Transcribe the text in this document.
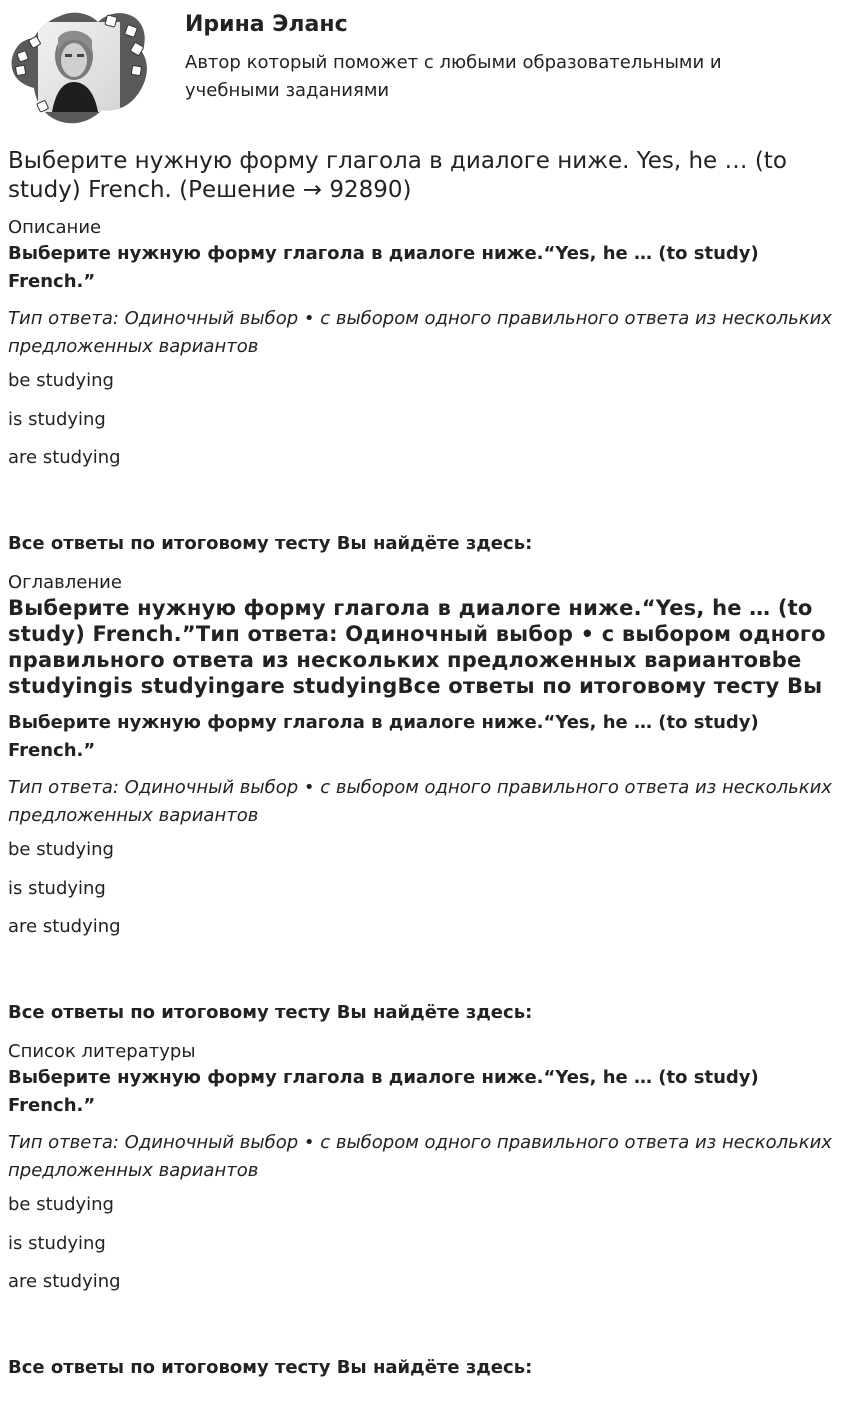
Ирина Эланс

Автор который поможет с любыми образовательными и учебными заданиями

Выберите нужную форму глагола в диалоге ниже. Yes, he … (to study) French. (Решение → 92890)

Описание

Выберите нужную форму глагола в диалоге ниже.“Yes, he … (to study) French.”

Тип ответа: Одиночный выбор • с выбором одного правильного ответа из нескольких предложенных вариантов

be studying
is studying
are studying

Все ответы по итоговому тесту Вы найдёте здесь:

Оглавление

Выберите нужную форму глагола в диалоге ниже.“Yes, he … (to study) French.”Тип ответа: Одиночный выбор • с выбором одного правильного ответа из нескольких предложенных вариантовbe studyingis studyingare studyingВсе ответы по итоговому тесту Вы

Выберите нужную форму глагола в диалоге ниже.“Yes, he … (to study) French.”

Тип ответа: Одиночный выбор • с выбором одного правильного ответа из нескольких предложенных вариантов

be studying
is studying
are studying

Все ответы по итоговому тесту Вы найдёте здесь:

Список литературы

Выберите нужную форму глагола в диалоге ниже.“Yes, he … (to study) French.”

Тип ответа: Одиночный выбор • с выбором одного правильного ответа из нескольких предложенных вариантов

be studying
is studying
are studying

Все ответы по итоговому тесту Вы найдёте здесь:
